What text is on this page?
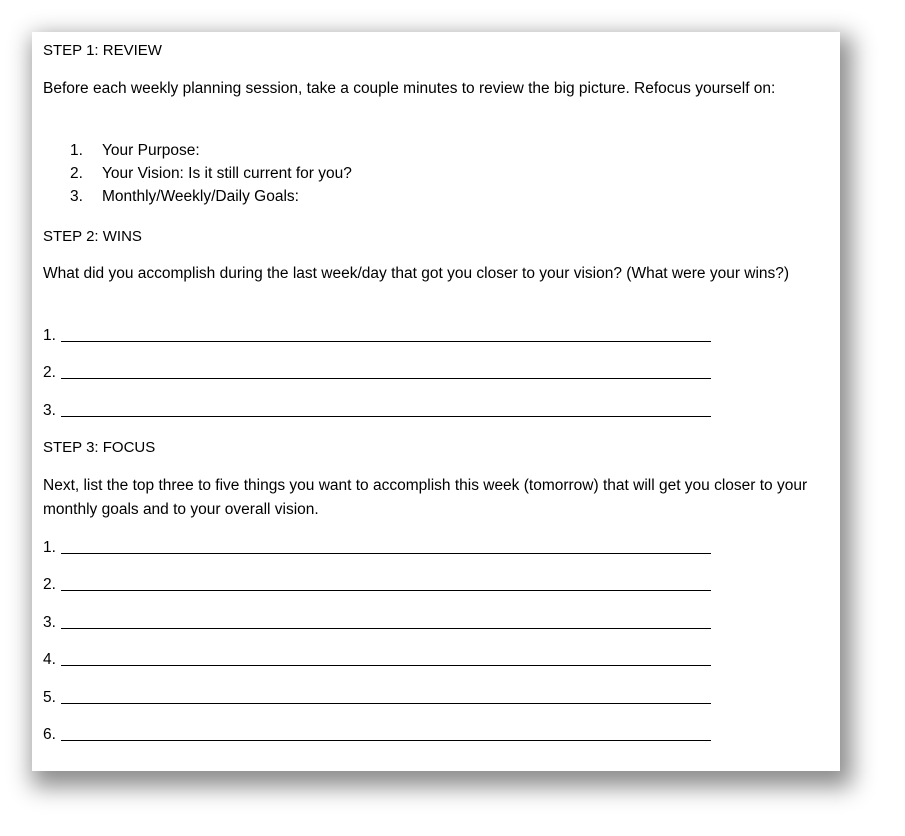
STEP 1: REVIEW

Before each weekly planning session, take a couple minutes to review the big picture. Refocus yourself on:

1.	Your Purpose:
2.	Your Vision: Is it still current for you?
3.	Monthly/Weekly/Daily Goals:
STEP 2: WINS

What did you accomplish during the last week/day that got you closer to your vision? (What were your wins?)

1.
2.
3.
STEP 3: FOCUS

Next, list the top three to five things you want to accomplish this week (tomorrow) that will get you closer to your monthly goals and to your overall vision.

1.
2.
3.
4.
5.
6.
